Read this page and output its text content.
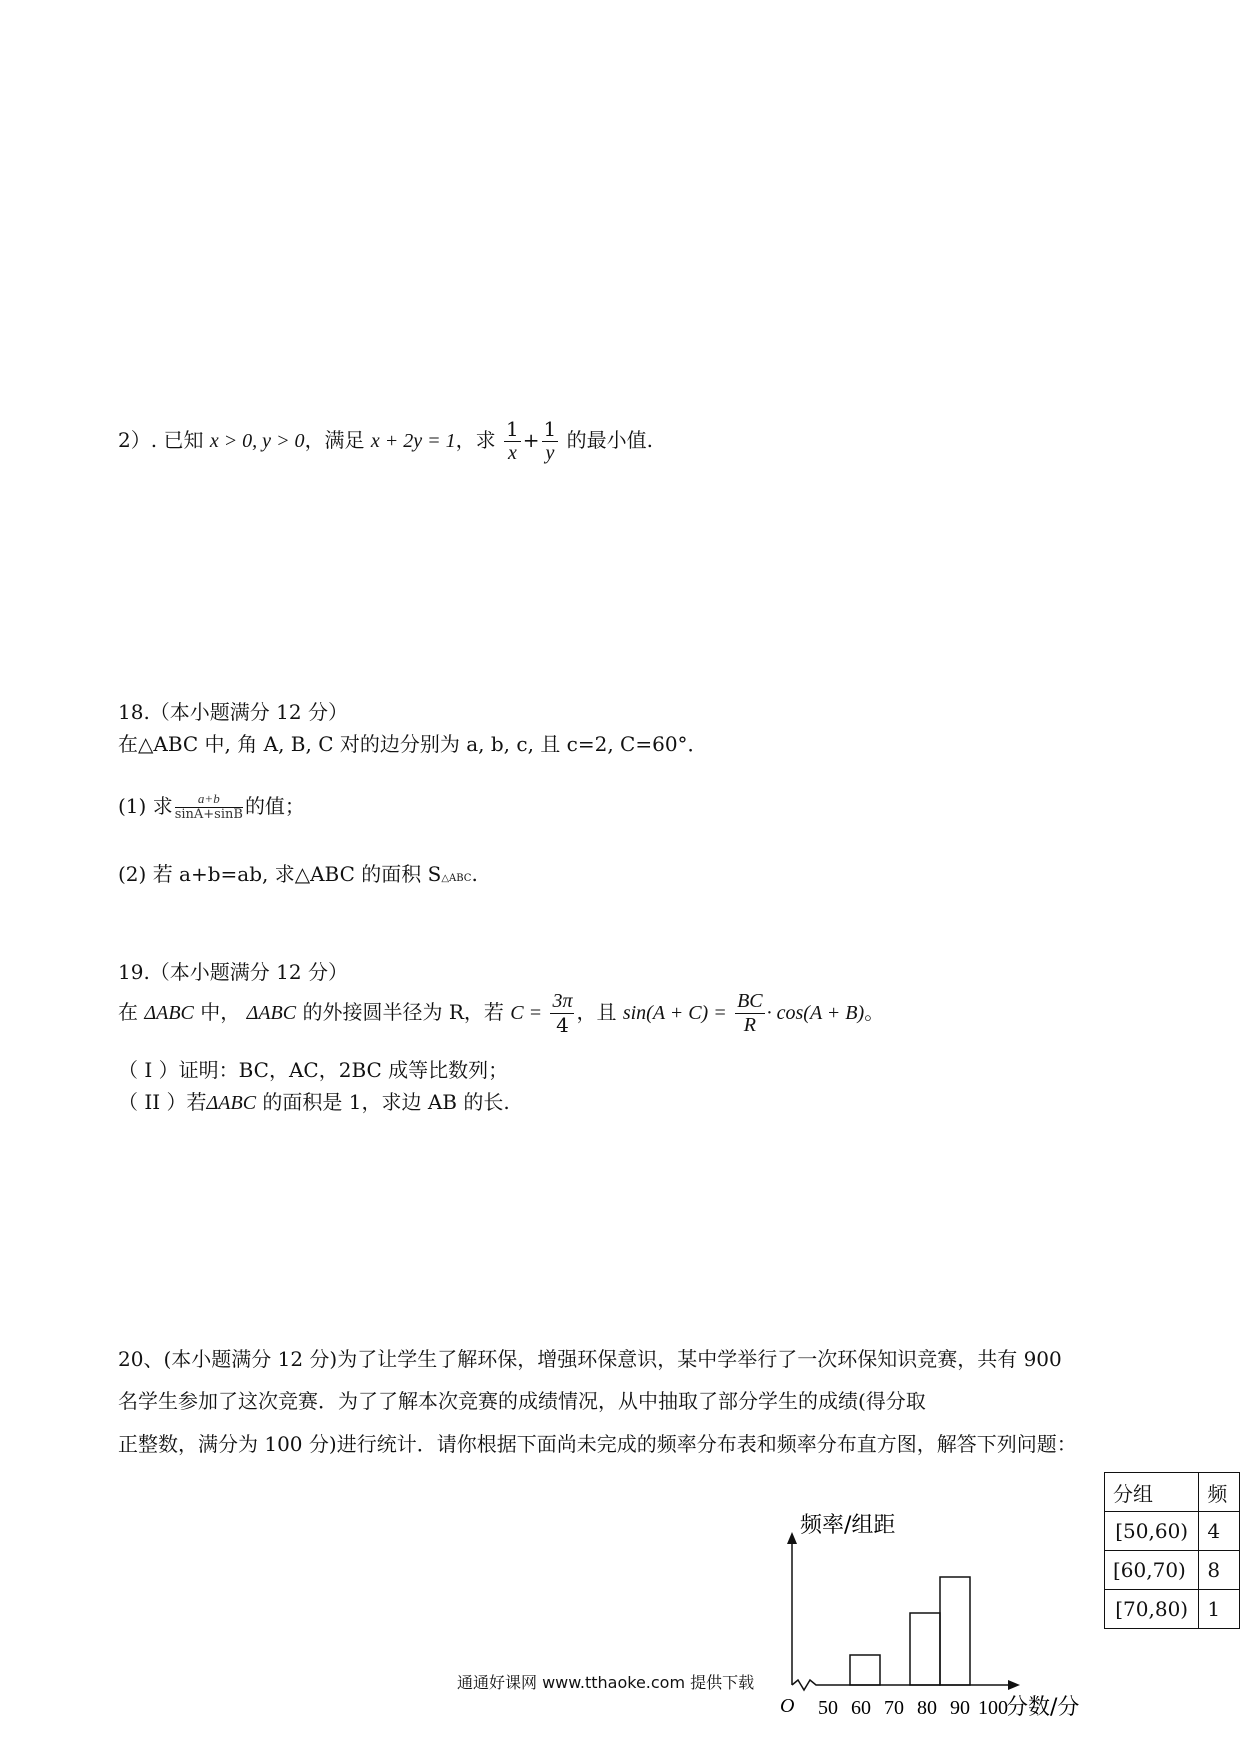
2）. 已知 x > 0, y > 0，满足 x + 2y = 1，求 $\frac{1}{x} + \frac{1}{y}$ 的最小值.
18.（本小题满分 12 分）
在△ABC 中, 角 A, B, C 对的边分别为 a, b, c, 且 c=2, C=60°．
(1) 求 $\frac{a+b}{\sin A+\sin B}$ 的值；
(2) 若 a+b=ab, 求△ABC 的面积 S△ABC.
19.（本小题满分 12 分）
在 ΔABC 中， ΔABC 的外接圆半径为 R，若 $C = \frac{3\pi}{4}$ ，且 $\sin(A + C) = \frac{BC}{R} \cdot \cos(A + B)$。
（ I ）证明：BC，AC，2BC 成等比数列；
（ II ）若ΔABC 的面积是 1，求边 AB 的长.
20、(本小题满分 12 分)为了让学生了解环保，增强环保意识，某中学举行了一次环保知识竞赛，共有 900
名学生参加了这次竞赛．为了了解本次竞赛的成绩情况，从中抽取了部分学生的成绩(得分取
正整数，满分为 100 分)进行统计．请你根据下面尚未完成的频率分布表和频率分布直方图，解答下列问题：
分组	频
[50,60)	4
[60,70)	8
[70,80)	1
频率/组距
分数/分
O 50 60 70 80 90 100
通通好课网 www.tthaoke.com 提供下载
